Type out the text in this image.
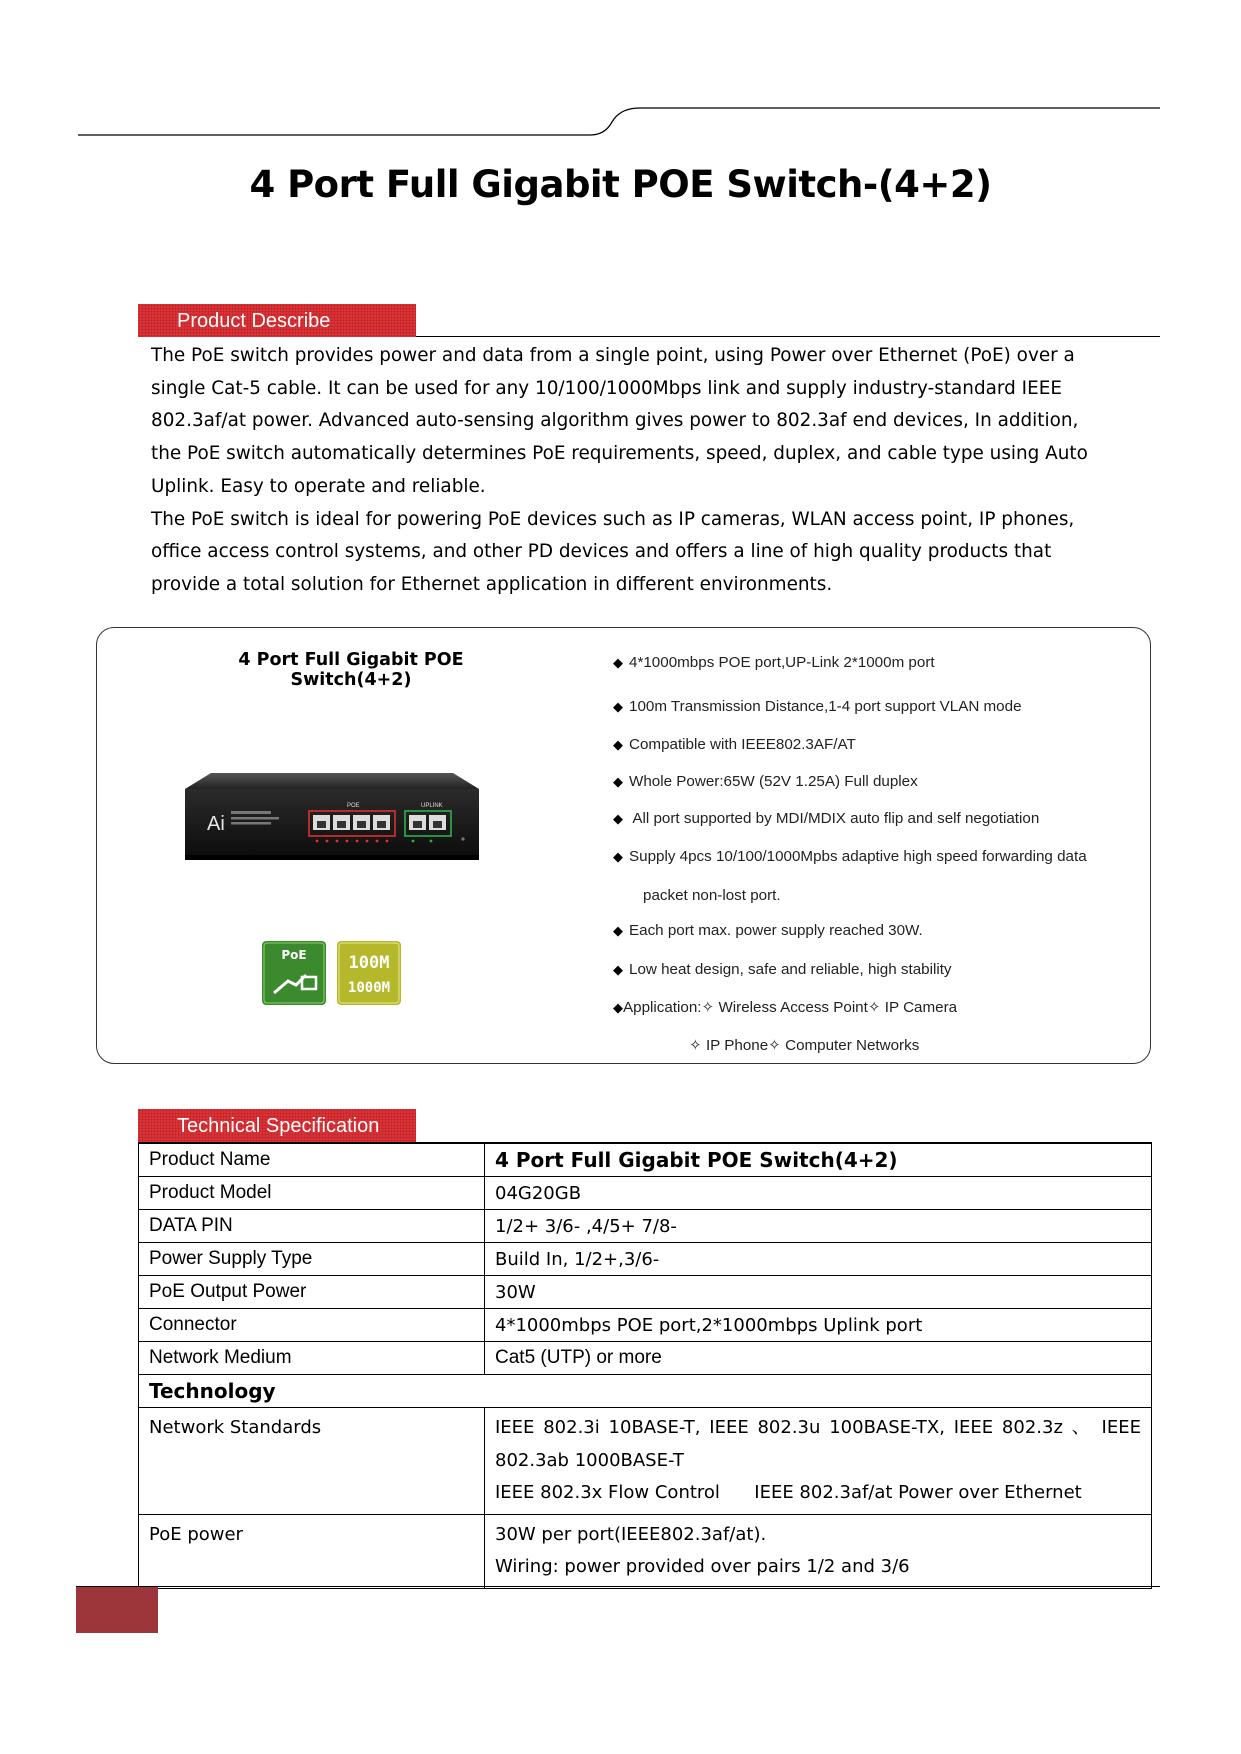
4 Port Full Gigabit POE Switch-(4+2)
Product Describe

The PoE switch provides power and data from a single point, using Power over Ethernet (PoE) over a single Cat-5 cable. It can be used for any 10/100/1000Mbps link and supply industry-standard IEEE 802.3af/at power. Advanced auto-sensing algorithm gives power to 802.3af end devices, In addition, the PoE switch automatically determines PoE requirements, speed, duplex, and cable type using Auto Uplink. Easy to operate and reliable.

The PoE switch is ideal for powering PoE devices such as IP cameras, WLAN access point, IP phones, office access control systems, and other PD devices and offers a line of high quality products that provide a total solution for Ethernet application in different environments.

4 Port Full Gigabit POE Switch(4+2)
Ai
POE	UPLINK
PoE 100M
1000M
◆ 4*1000mbps POE port,UP-Link 2*1000m port
◆ 100m Transmission Distance,1-4 port support VLAN mode
◆ Compatible with IEEE802.3AF/AT
◆ Whole Power:65W (52V 1.25A) Full duplex
◆ All port supported by MDI/MDIX auto flip and self negotiation
◆ Supply 4pcs 10/100/1000Mpbs adaptive high speed forwarding data
packet non-lost port.
◆ Each port max. power supply reached 30W.
◆ Low heat design, safe and reliable, high stability
◆Application:✧ Wireless Access Point✧ IP Camera
✧ IP Phone✧ Computer Networks
Technical Specification
Product Name	4 Port Full Gigabit POE Switch(4+2)
Product Model	04G20GB
DATA PIN	1/2+ 3/6- ,4/5+ 7/8-
Power Supply Type	Build In, 1/2+,3/6-
PoE Output Power	30W
Connector	4*1000mbps POE port,2*1000mbps Uplink port
Network Medium	Cat5 (UTP) or more
Technology	
Network Standards	IEEE 802.3i 10BASE-T, IEEE 802.3u 100BASE-TX, IEEE 802.3z 、 IEEE 802.3ab 1000BASE-T
IEEE 802.3x Flow Control      IEEE 802.3af/at Power over Ethernet

PoE power	30W per port(IEEE802.3af/at).
Wiring: power provided over pairs 1/2 and 3/6
